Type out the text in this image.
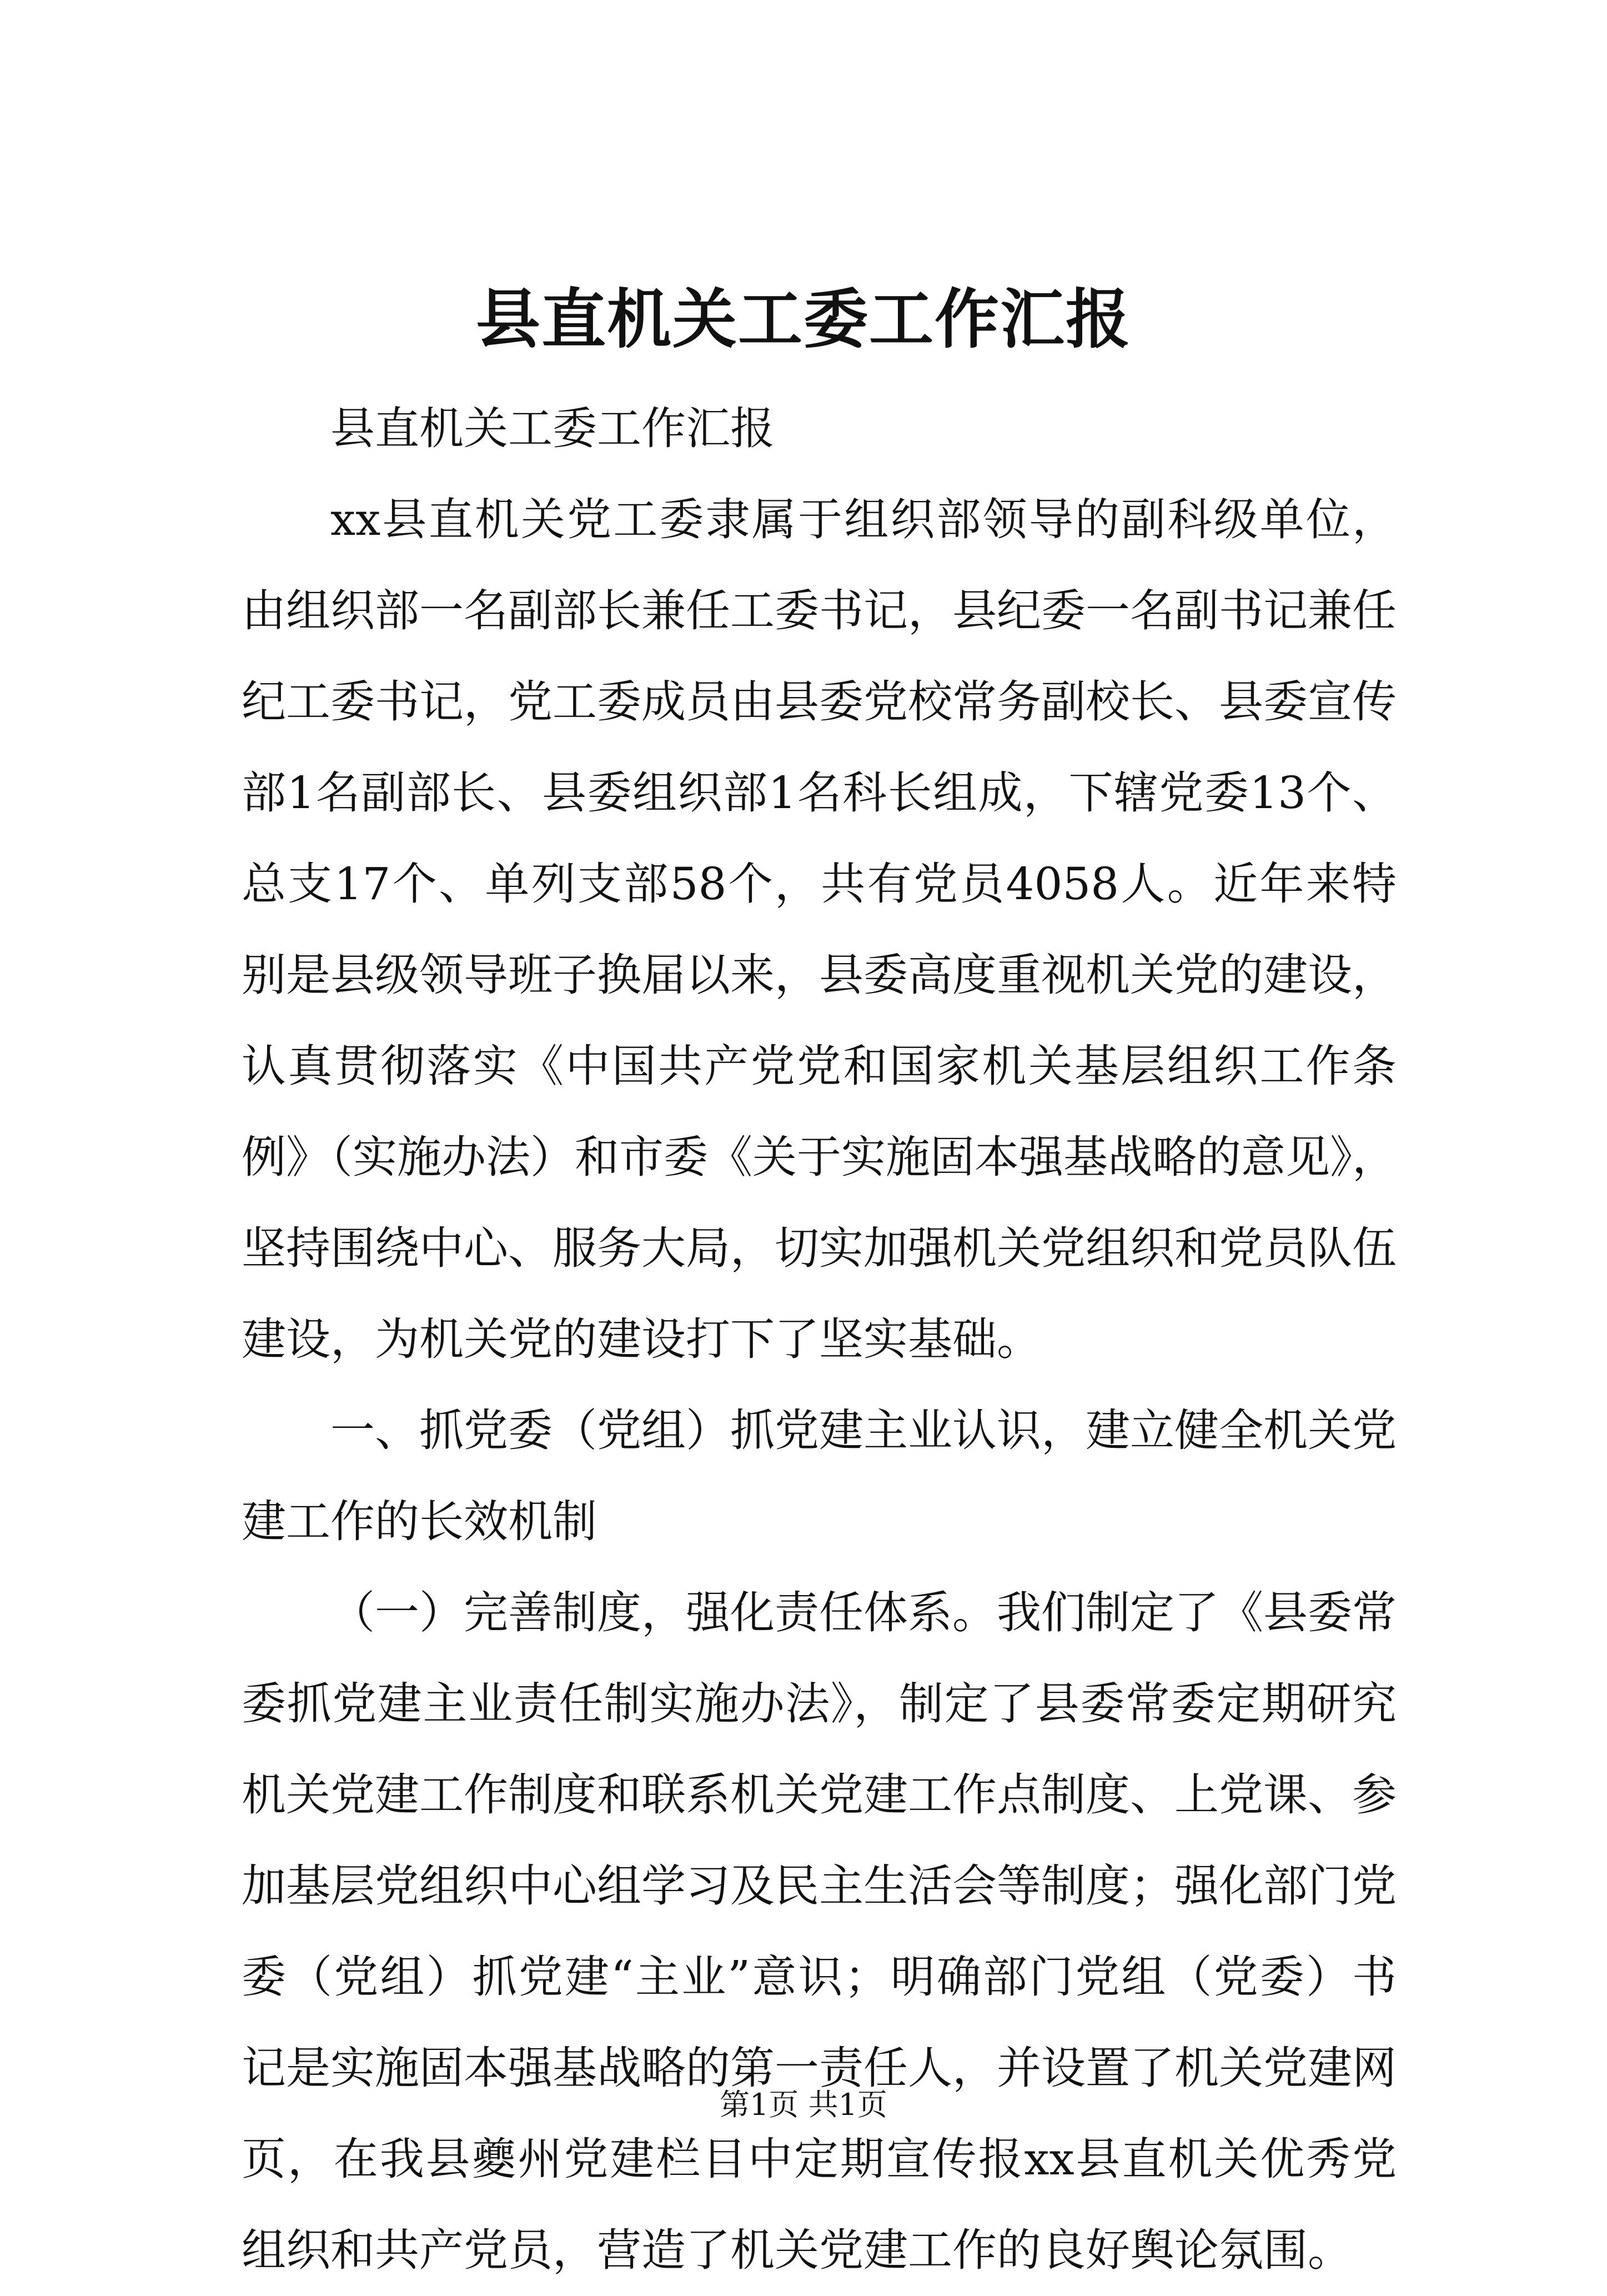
县直机关工委工作汇报

县直机关工委工作汇报

xx县直机关党工委隶属于组织部领导的副科级单位，由组织部一名副部长兼任工委书记，县纪委一名副书记兼任纪工委书记，党工委成员由县委党校常务副校长、县委宣传部1名副部长、县委组织部1名科长组成，下辖党委13个、总支17个、单列支部58个，共有党员4058人。近年来特别是县级领导班子换届以来，县委高度重视机关党的建设，认真贯彻落实《中国共产党党和国家机关基层组织工作条例》（实施办法）和市委《关于实施固本强基战略的意见》，坚持围绕中心、服务大局，切实加强机关党组织和党员队伍建设，为机关党的建设打下了坚实基础。

一、抓党委（党组）抓党建主业认识，建立健全机关党建工作的长效机制

（一）完善制度，强化责任体系。我们制定了《县委常委抓党建主业责任制实施办法》，制定了县委常委定期研究机关党建工作制度和联系机关党建工作点制度、上党课、参加基层党组织中心组学习及民主生活会等制度；强化部门党委（党组）抓党建“主业”意识；明确部门党组（党委）书记是实施固本强基战略的第一责任人，并设置了机关党建网页，在我县夔州党建栏目中定期宣传报xx县直机关优秀党组织和共产党员，营造了机关党建工作的良好舆论氛围。

第1页 共1页
